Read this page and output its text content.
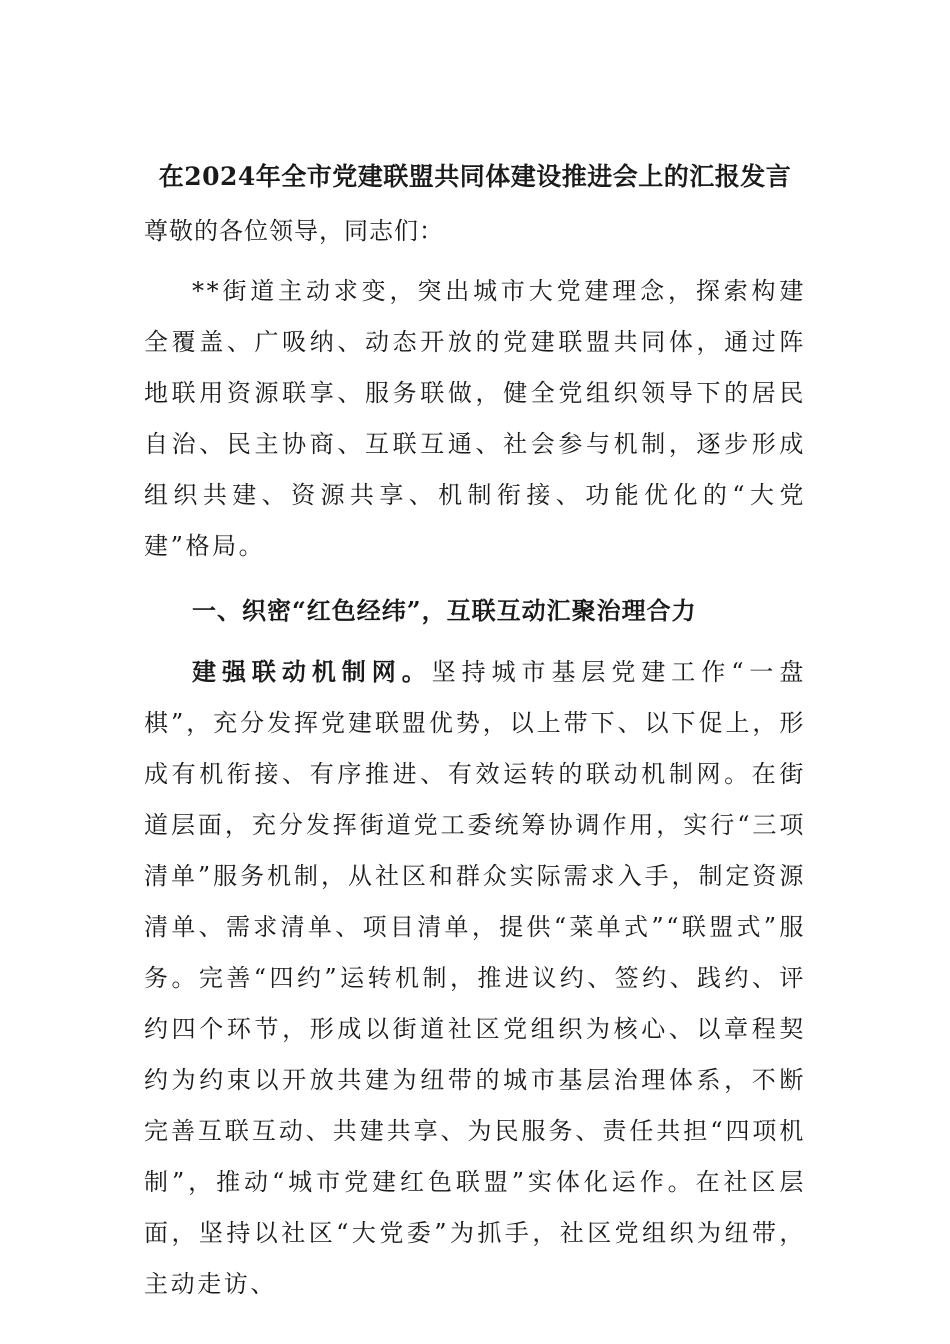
在2024年全市党建联盟共同体建设推进会上的汇报发言

尊敬的各位领导，同志们：

**街道主动求变，突出城市大党建理念，探索构建全覆盖、广吸纳、动态开放的党建联盟共同体，通过阵地联用资源联享、服务联做，健全党组织领导下的居民自治、民主协商、互联互通、社会参与机制，逐步形成组织共建、资源共享、机制衔接、功能优化的“大党建”格局。

一、织密“红色经纬”，互联互动汇聚治理合力

建强联动机制网。坚持城市基层党建工作“一盘棋”，充分发挥党建联盟优势，以上带下、以下促上，形成有机衔接、有序推进、有效运转的联动机制网。在街道层面，充分发挥街道党工委统筹协调作用，实行“三项清单”服务机制，从社区和群众实际需求入手，制定资源清单、需求清单、项目清单，提供“菜单式”“联盟式”服务。完善“四约”运转机制，推进议约、签约、践约、评约四个环节，形成以街道社区党组织为核心、以章程契约为约束以开放共建为纽带的城市基层治理体系，不断完善互联互动、共建共享、为民服务、责任共担“四项机制”，推动“城市党建红色联盟”实体化运作。在社区层面，坚持以社区“大党委”为抓手，社区党组织为纽带，主动走访、
